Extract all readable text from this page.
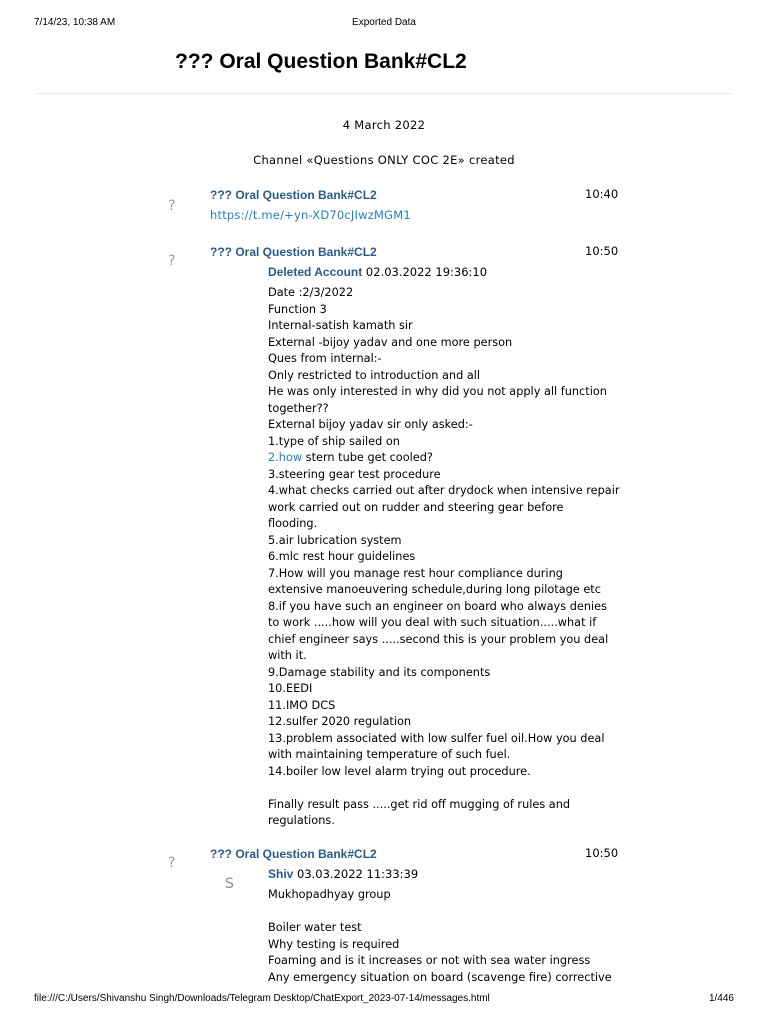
7/14/23, 10:38 AM	Exported Data
??? Oral Question Bank#CL2
4 March 2022
Channel «Questions ONLY COC 2E» created
?
??? Oral Question Bank#CL2	10:40
https://t.me/+yn-XD70cJIwzMGM1
?
??? Oral Question Bank#CL2	10:50
Deleted Account 02.03.2022 19:36:10
Date :2/3/2022
Function 3
Internal-satish kamath sir
External -bijoy yadav and one more person
Ques from internal:-
Only restricted to introduction and all
He was only interested in why did you not apply all function
together??
External bijoy yadav sir only asked:-
1.type of ship sailed on
2.how stern tube get cooled?
3.steering gear test procedure
4.what checks carried out after drydock when intensive repair
work carried out on rudder and steering gear before
flooding.
5.air lubrication system
6.mlc rest hour guidelines
7.How will you manage rest hour compliance during
extensive manoeuvering schedule,during long pilotage etc
8.if you have such an engineer on board who always denies
to work .....how will you deal with such situation.....what if
chief engineer says .....second this is your problem you deal
with it.
9.Damage stability and its components
10.EEDI
11.IMO DCS
12.sulfer 2020 regulation
13.problem associated with low sulfer fuel oil.How you deal
with maintaining temperature of such fuel.
14.boiler low level alarm trying out procedure.
Finally result pass .....get rid off mugging of rules and
regulations.
?
??? Oral Question Bank#CL2	10:50
S
Shiv 03.03.2022 11:33:39
Mukhopadhyay group
Boiler water test
Why testing is required
Foaming and is it increases or not with sea water ingress
Any emergency situation on board (scavenge fire) corrective
file:///C:/Users/Shivanshu Singh/Downloads/Telegram Desktop/ChatExport_2023-07-14/messages.html	1/446
